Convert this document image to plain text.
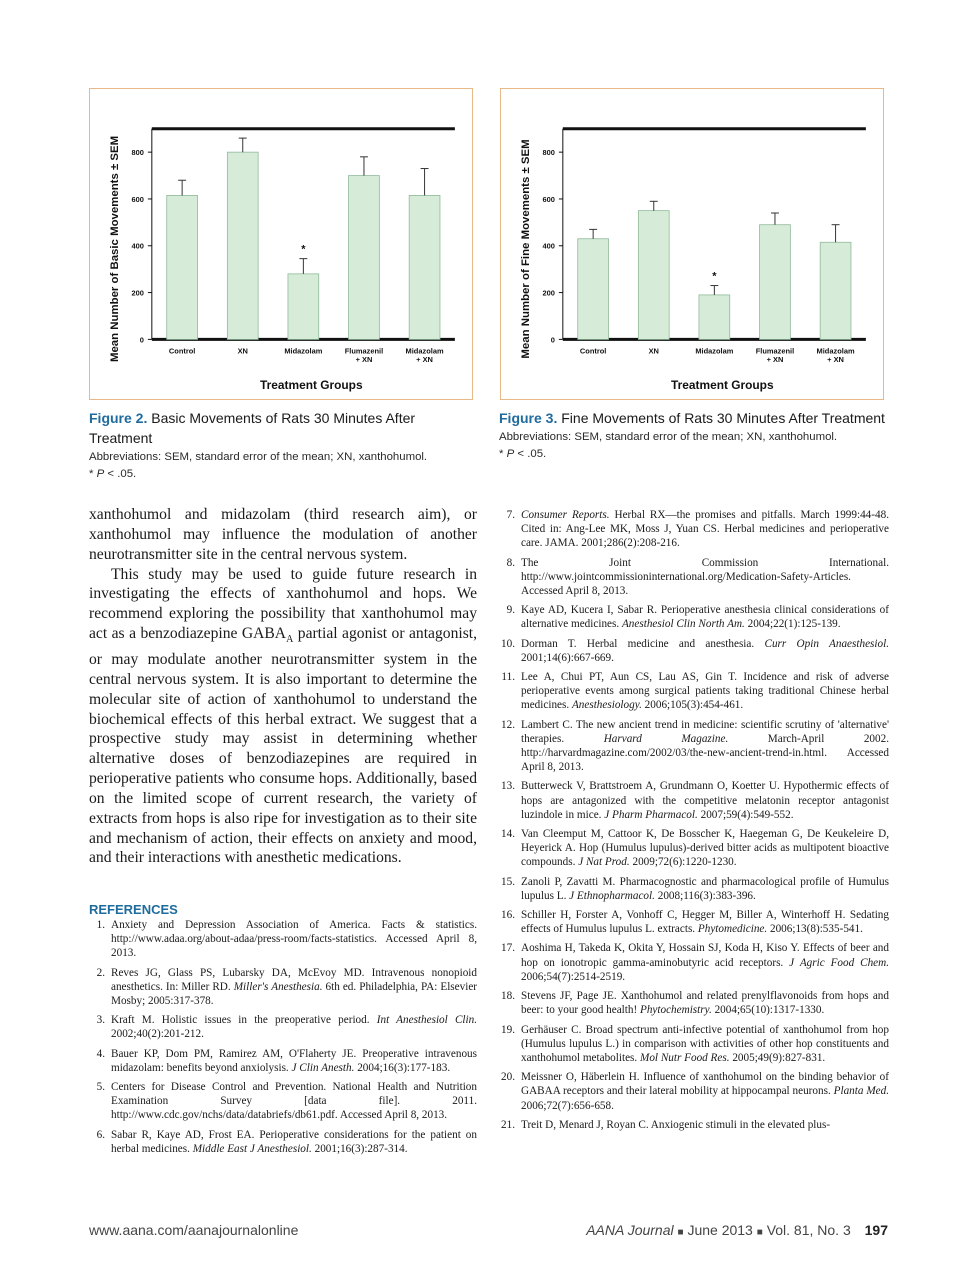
0
200
400
600
800
Control	XN
*
Midazolam	Flumazenil
+ XN
Midazolam
+ XN
Treatment Groups
Mean Number of Basic Movements ± SEM	0
200
400
600
800
Control	XN
*
Midazolam	Flumazenil
+ XN
Midazolam
+ XN
Treatment Groups
Mean Number of Fine Movements ± SEM
Figure 2. Basic Movements of Rats 30 Minutes After Treatment
Abbreviations: SEM, standard error of the mean; XN, xanthohumol.
* P < .05.
Figure 3. Fine Movements of Rats 30 Minutes After Treatment
Abbreviations: SEM, standard error of the mean; XN, xanthohumol.
* P < .05.

xanthohumol and midazolam (third research aim), or xanthohumol may influence the modulation of another neurotransmitter site in the central nervous system.

This study may be used to guide future research in investigating the effects of xanthohumol and hops. We recommend exploring the possibility that xanthohumol may act as a benzodiazepine $GABA_A$ partial agonist or antagonist, or may modulate another neurotransmitter system in the central nervous system. It is also important to determine the molecular site of action of xanthohumol to understand the biochemical effects of this herbal extract. We suggest that a prospective study may assist in determining whether alternative doses of benzodiazepines are required in perioperative patients who consume hops. Additionally, based on the limited scope of current research, the variety of extracts from hops is also ripe for investigation as to their site and mechanism of action, their effects on anxiety and mood, and their interactions with anesthetic medications.

REFERENCES
1. Anxiety and Depression Association of America. Facts & statistics. http://www.adaa.org/about-adaa/press-room/facts-statistics. Accessed April 8, 2013.
2. Reves JG, Glass PS, Lubarsky DA, McEvoy MD. Intravenous nonopioid anesthetics. In: Miller RD. Miller's Anesthesia. 6th ed. Philadelphia, PA: Elsevier Mosby; 2005:317-378.
3. Kraft M. Holistic issues in the preoperative period. Int Anesthesiol Clin. 2002;40(2):201-212.
4. Bauer KP, Dom PM, Ramirez AM, O'Flaherty JE. Preoperative intravenous midazolam: benefits beyond anxiolysis. J Clin Anesth. 2004;16(3):177-183.
5. Centers for Disease Control and Prevention. National Health and Nutrition Examination Survey [data file]. 2011. http://www.cdc.gov/nchs/data/databriefs/db61.pdf. Accessed April 8, 2013.
6. Sabar R, Kaye AD, Frost EA. Perioperative considerations for the patient on herbal medicines. Middle East J Anesthesiol. 2001;16(3):287-314.
7. Consumer Reports. Herbal RX—the promises and pitfalls. March 1999:44-48. Cited in: Ang-Lee MK, Moss J, Yuan CS. Herbal medicines and perioperative care. JAMA. 2001;286(2):208-216.
8. The Joint Commission International. http://www.jointcommissioninternational.org/Medication-Safety-Articles. Accessed April 8, 2013.
9. Kaye AD, Kucera I, Sabar R. Perioperative anesthesia clinical considerations of alternative medicines. Anesthesiol Clin North Am. 2004;22(1):125-139.
10. Dorman T. Herbal medicine and anesthesia. Curr Opin Anaesthesiol. 2001;14(6):667-669.
11. Lee A, Chui PT, Aun CS, Lau AS, Gin T. Incidence and risk of adverse perioperative events among surgical patients taking traditional Chinese herbal medicines. Anesthesiology. 2006;105(3):454-461.
12. Lambert C. The new ancient trend in medicine: scientific scrutiny of 'alternative' therapies.	Harvard Magazine.	March-April 2002. http://harvardmagazine.com/2002/03/the-new-ancient-trend-in.html. Accessed April 8, 2013.
13. Butterweck V, Brattstroem A, Grundmann O, Koetter U. Hypothermic effects of hops are antagonized with the competitive melatonin receptor antagonist luzindole in mice. J Pharm Pharmacol. 2007;59(4):549-552.
14. Van Cleemput M, Cattoor K, De Bosscher K, Haegeman G, De Keukeleire D, Heyerick A. Hop (Humulus lupulus)-derived bitter acids as multipotent bioactive compounds. J Nat Prod. 2009;72(6):1220-1230.
15. Zanoli P, Zavatti M. Pharmacognostic and pharmacological profile of Humulus lupulus L. J Ethnopharmacol. 2008;116(3):383-396.
16. Schiller H, Forster A, Vonhoff C, Hegger M, Biller A, Winterhoff H. Sedating effects of Humulus lupulus L. extracts. Phytomedicine. 2006;13(8):535-541.
17. Aoshima H, Takeda K, Okita Y, Hossain SJ, Koda H, Kiso Y. Effects of beer and hop on ionotropic gamma-aminobutyric acid receptors. J Agric Food Chem. 2006;54(7):2514-2519.
18. Stevens JF, Page JE. Xanthohumol and related prenylflavonoids from hops and beer: to your good health! Phytochemistry. 2004;65(10):1317-1330.
19. Gerhäuser C. Broad spectrum anti-infective potential of xanthohumol from hop (Humulus lupulus L.) in comparison with activities of other hop constituents and xanthohumol metabolites. Mol Nutr Food Res. 2005;49(9):827-831.
20. Meissner O, Häberlein H. Influence of xanthohumol on the binding behavior of GABAA receptors and their lateral mobility at hippocampal neurons. Planta Med. 2006;72(7):656-658.
21. Treit D, Menard J, Royan C. Anxiogenic stimuli in the elevated plus-
www.aana.com/aanajournalonline	AANA Journal ■ June 2013 ■ Vol. 81, No. 3 197
